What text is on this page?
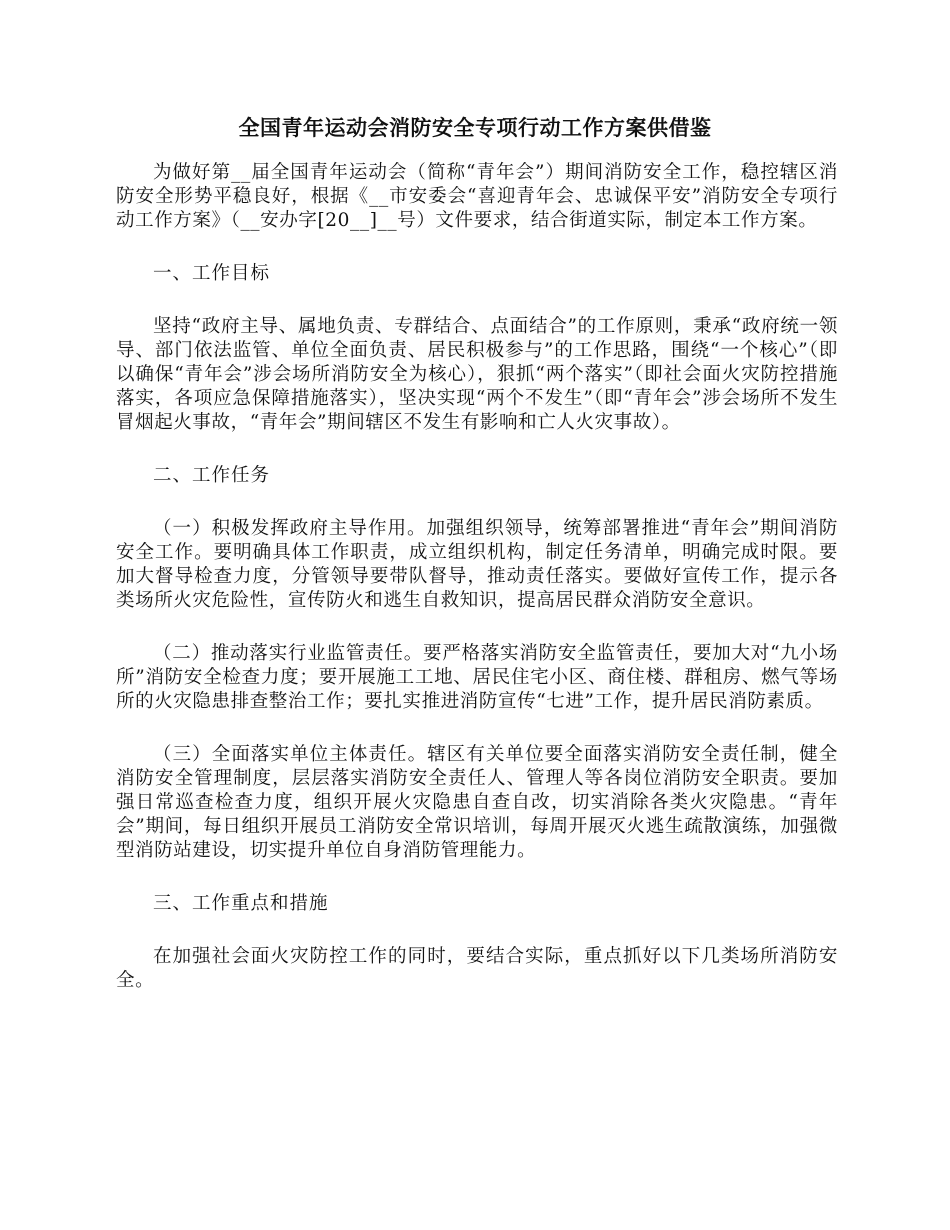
全国青年运动会消防安全专项行动工作方案供借鉴

为做好第__届全国青年运动会（简称“青年会”）期间消防安全工作，稳控辖区消防安全形势平稳良好，根据《__市安委会“喜迎青年会、忠诚保平安”消防安全专项行动工作方案》（__安办字[20__]__号）文件要求，结合街道实际，制定本工作方案。

一、工作目标

坚持“政府主导、属地负责、专群结合、点面结合”的工作原则，秉承“政府统一领导、部门依法监管、单位全面负责、居民积极参与”的工作思路，围绕“一个核心”（即以确保“青年会”涉会场所消防安全为核心），狠抓“两个落实”（即社会面火灾防控措施落实，各项应急保障措施落实），坚决实现“两个不发生”（即“青年会”涉会场所不发生冒烟起火事故，“青年会”期间辖区不发生有影响和亡人火灾事故）。

二、工作任务

（一）积极发挥政府主导作用。加强组织领导，统筹部署推进“青年会”期间消防安全工作。要明确具体工作职责，成立组织机构，制定任务清单，明确完成时限。要加大督导检查力度，分管领导要带队督导，推动责任落实。要做好宣传工作，提示各类场所火灾危险性，宣传防火和逃生自救知识，提高居民群众消防安全意识。

（二）推动落实行业监管责任。要严格落实消防安全监管责任，要加大对“九小场所”消防安全检查力度；要开展施工工地、居民住宅小区、商住楼、群租房、燃气等场所的火灾隐患排查整治工作；要扎实推进消防宣传“七进”工作，提升居民消防素质。

（三）全面落实单位主体责任。辖区有关单位要全面落实消防安全责任制，健全消防安全管理制度，层层落实消防安全责任人、管理人等各岗位消防安全职责。要加强日常巡查检查力度，组织开展火灾隐患自查自改，切实消除各类火灾隐患。“青年会”期间，每日组织开展员工消防安全常识培训，每周开展灭火逃生疏散演练，加强微型消防站建设，切实提升单位自身消防管理能力。

三、工作重点和措施

在加强社会面火灾防控工作的同时，要结合实际，重点抓好以下几类场所消防安全。
